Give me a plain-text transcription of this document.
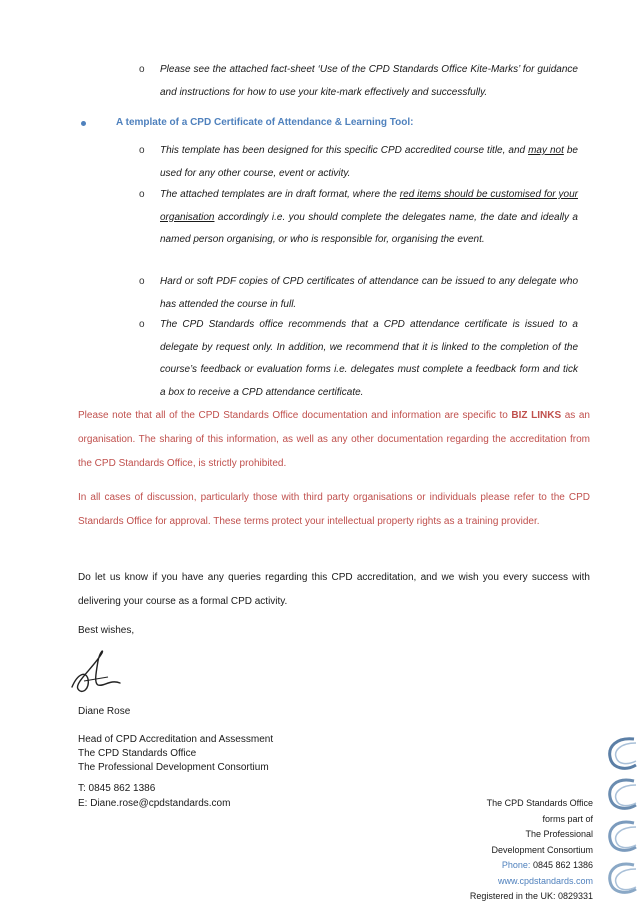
o Please see the attached fact-sheet ‘Use of the CPD Standards Office Kite-Marks’ for guidance and instructions for how to use your kite-mark effectively and successfully.
A template of a CPD Certificate of Attendance & Learning Tool:
o This template has been designed for this specific CPD accredited course title, and may not be used for any other course, event or activity.
o The attached templates are in draft format, where the red items should be customised for your organisation accordingly i.e. you should complete the delegates name, the date and ideally a named person organising, or who is responsible for, organising the event.
o Hard or soft PDF copies of CPD certificates of attendance can be issued to any delegate who has attended the course in full.
o The CPD Standards office recommends that a CPD attendance certificate is issued to a delegate by request only. In addition, we recommend that it is linked to the completion of the course’s feedback or evaluation forms i.e. delegates must complete a feedback form and tick a box to receive a CPD attendance certificate.
Please note that all of the CPD Standards Office documentation and information are specific to BIZ LINKS as an organisation. The sharing of this information, as well as any other documentation regarding the accreditation from the CPD Standards Office, is strictly prohibited.
In all cases of discussion, particularly those with third party organisations or individuals please refer to the CPD Standards Office for approval. These terms protect your intellectual property rights as a training provider.
Do let us know if you have any queries regarding this CPD accreditation, and we wish you every success with delivering your course as a formal CPD activity.
Best wishes,
Diane Rose
Head of CPD Accreditation and Assessment
The CPD Standards Office
The Professional Development Consortium
T: 0845 862 1386
E: Diane.rose@cpdstandards.com	The CPD Standards Office
forms part of
The Professional
Development Consortium
Phone: 0845 862 1386
www.cpdstandards.com
Registered in the UK: 0829331
